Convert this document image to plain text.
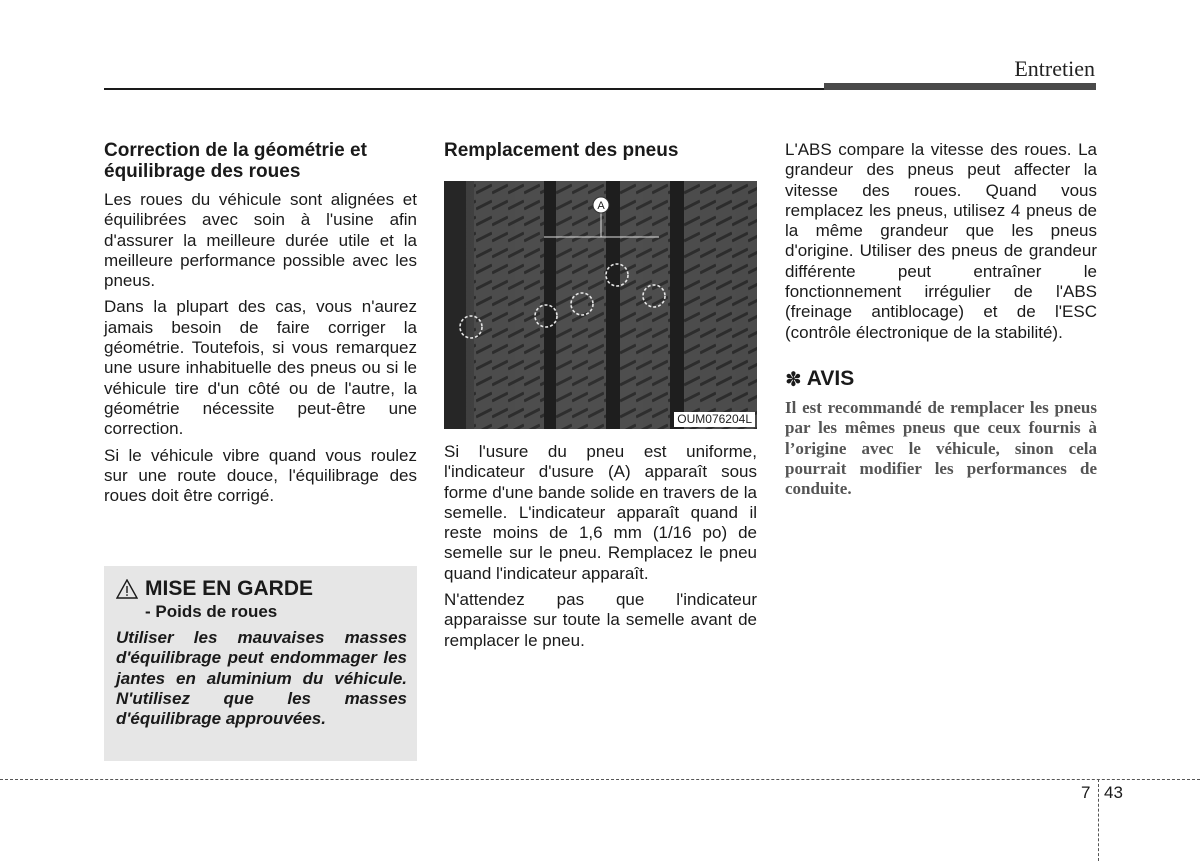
Entretien
Correction de la géométrie et équilibrage des roues

Les roues du véhicule sont alignées et équilibrées avec soin à l'usine afin d'assurer la meilleure durée utile et la meilleure performance possible avec les pneus.

Dans la plupart des cas, vous n'aurez jamais besoin de faire corriger la géométrie. Toutefois, si vous remarquez une usure inhabituelle des pneus ou si le véhicule tire d'un côté ou de l'autre, la géométrie nécessite peut-être une correction.

Si le véhicule vibre quand vous roulez sur une route douce, l'équilibrage des roues doit être corrigé.

MISE EN GARDE
- Poids de roues

Utiliser les mauvaises masses d'équilibrage peut endommager les jantes en aluminium du véhicule. N'utilisez que les masses d'équilibrage approuvées.

Remplacement des pneus
A
OUM076204L

Si l'usure du pneu est uniforme, l'indicateur d'usure (A) apparaît sous forme d'une bande solide en travers de la semelle. L'indicateur apparaît quand il reste moins de 1,6 mm (1/16 po) de semelle sur le pneu. Remplacez le pneu quand l'indicateur apparaît.

N'attendez pas que l'indicateur apparaisse sur toute la semelle avant de remplacer le pneu.

L'ABS compare la vitesse des roues. La grandeur des pneus peut affecter la vitesse des roues. Quand vous remplacez les pneus, utilisez 4 pneus de la même grandeur que les pneus d'origine. Utiliser des pneus de grandeur différente peut entraîner le fonctionnement irrégulier de l'ABS (freinage antiblocage) et de l'ESC (contrôle électronique de la stabilité).

✽ AVIS

Il est recommandé de remplacer les pneus par les mêmes pneus que ceux fournis à l’origine avec le véhicule, sinon cela pourrait modifier les performances de conduite.

7 43
